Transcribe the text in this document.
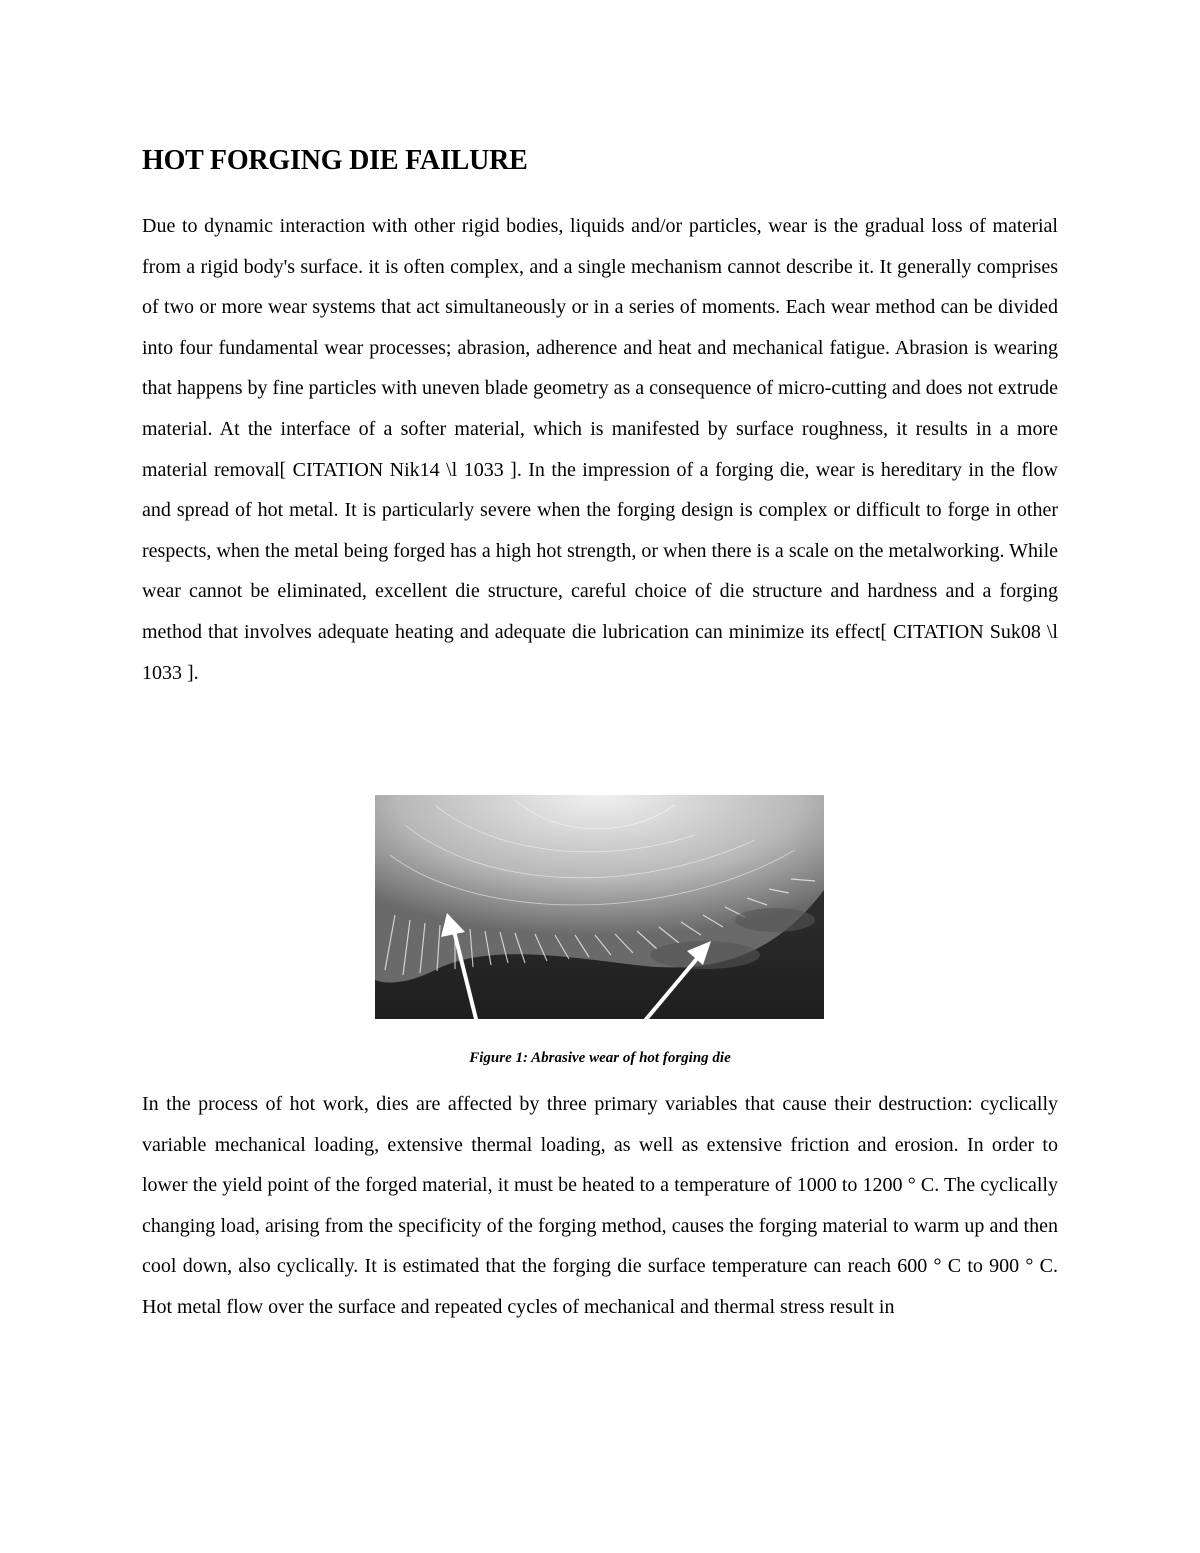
HOT FORGING DIE FAILURE

Due to dynamic interaction with other rigid bodies, liquids and/or particles, wear is the gradual loss of material from a rigid body's surface. it is often complex, and a single mechanism cannot describe it. It generally comprises of two or more wear systems that act simultaneously or in a series of moments. Each wear method can be divided into four fundamental wear processes; abrasion, adherence and heat and mechanical fatigue. Abrasion is wearing that happens by fine particles with uneven blade geometry as a consequence of micro-cutting and does not extrude material. At the interface of a softer material, which is manifested by surface roughness, it results in a more material removal[ CITATION Nik14 \l 1033 ]. In the impression of a forging die, wear is hereditary in the flow and spread of hot metal. It is particularly severe when the forging design is complex or difficult to forge in other respects, when the metal being forged has a high hot strength, or when there is a scale on the metalworking. While wear cannot be eliminated, excellent die structure, careful choice of die structure and hardness and a forging method that involves adequate heating and adequate die lubrication can minimize its effect[ CITATION Suk08 \l 1033 ].

Figure 1: Abrasive wear of hot forging die

In the process of hot work, dies are affected by three primary variables that cause their destruction: cyclically variable mechanical loading, extensive thermal loading, as well as extensive friction and erosion. In order to lower the yield point of the forged material, it must be heated to a temperature of 1000 to 1200 ° C. The cyclically changing load, arising from the specificity of the forging method, causes the forging material to warm up and then cool down, also cyclically. It is estimated that the forging die surface temperature can reach 600 ° C to 900 ° C. Hot metal flow over the surface and repeated cycles of mechanical and thermal stress result in
